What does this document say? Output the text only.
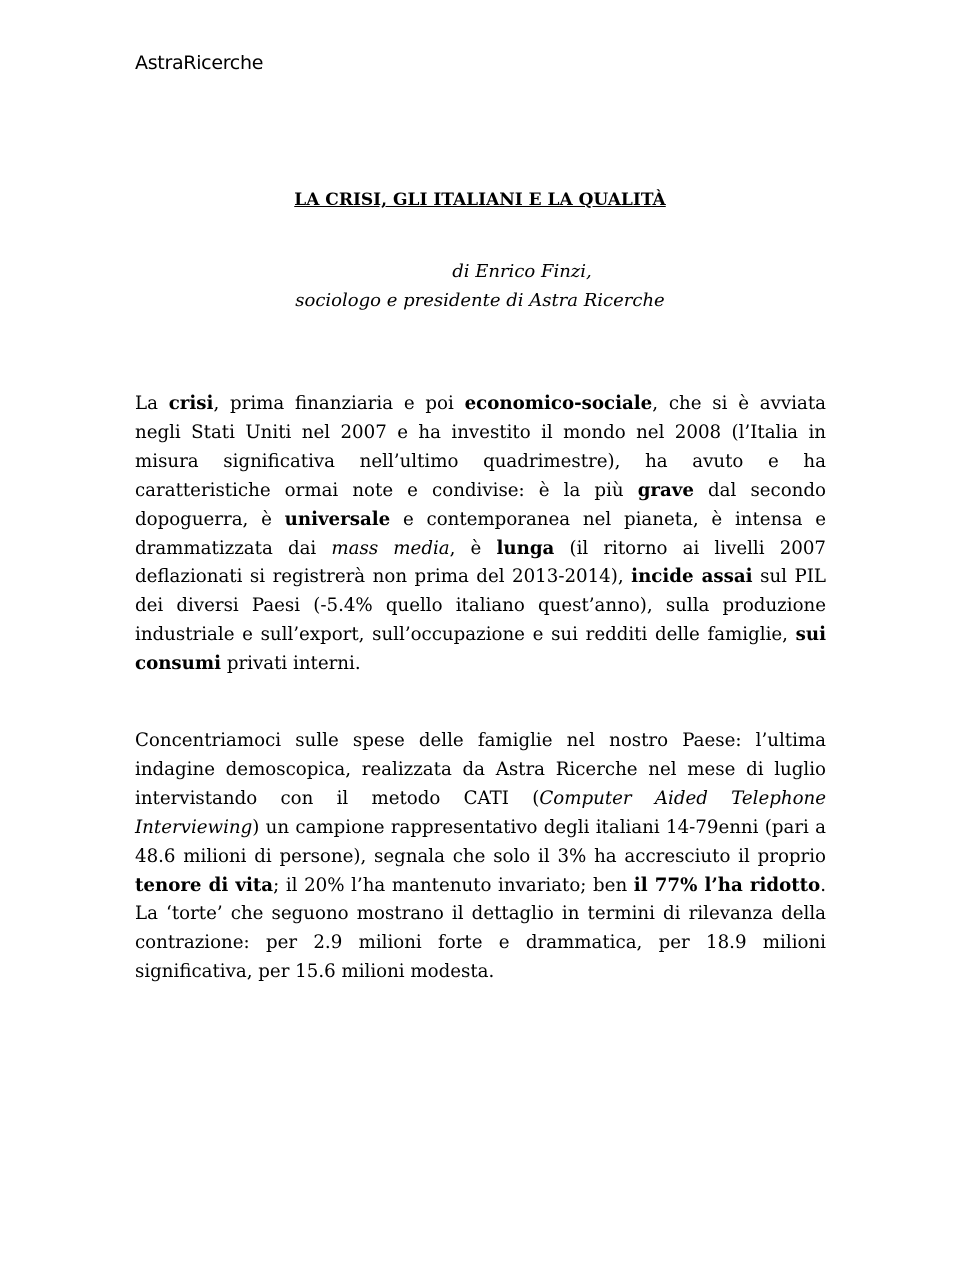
AstraRicerche
LA CRISI, GLI ITALIANI E LA QUALITÀ
di Enrico Finzi,
sociologo e presidente di Astra Ricerche

La crisi, prima finanziaria e poi economico-sociale, che si è avviata negli Stati Uniti nel 2007 e ha investito il mondo nel 2008 (l’Italia in misura significativa nell’ultimo quadrimestre), ha avuto e ha caratteristiche ormai note e condivise: è la più grave dal secondo dopoguerra, è universale e contemporanea nel pianeta, è intensa e drammatizzata dai mass media, è lunga (il ritorno ai livelli 2007 deflazionati si registrerà non prima del 2013-2014), incide assai sul PIL dei diversi Paesi (-5.4% quello italiano quest’anno), sulla produzione industriale e sull’export, sull’occupazione e sui redditi delle famiglie, sui consumi privati interni.

Concentriamoci sulle spese delle famiglie nel nostro Paese: l’ultima indagine demoscopica, realizzata da Astra Ricerche nel mese di luglio intervistando con il metodo CATI (Computer Aided Telephone Interviewing) un campione rappresentativo degli italiani 14-79enni (pari a 48.6 milioni di persone), segnala che solo il 3% ha accresciuto il proprio tenore di vita; il 20% l’ha mantenuto invariato; ben il 77% l’ha ridotto. La ‘torte’ che seguono mostrano il dettaglio in termini di rilevanza della contrazione: per 2.9 milioni forte e drammatica, per 18.9 milioni significativa, per 15.6 milioni modesta.
